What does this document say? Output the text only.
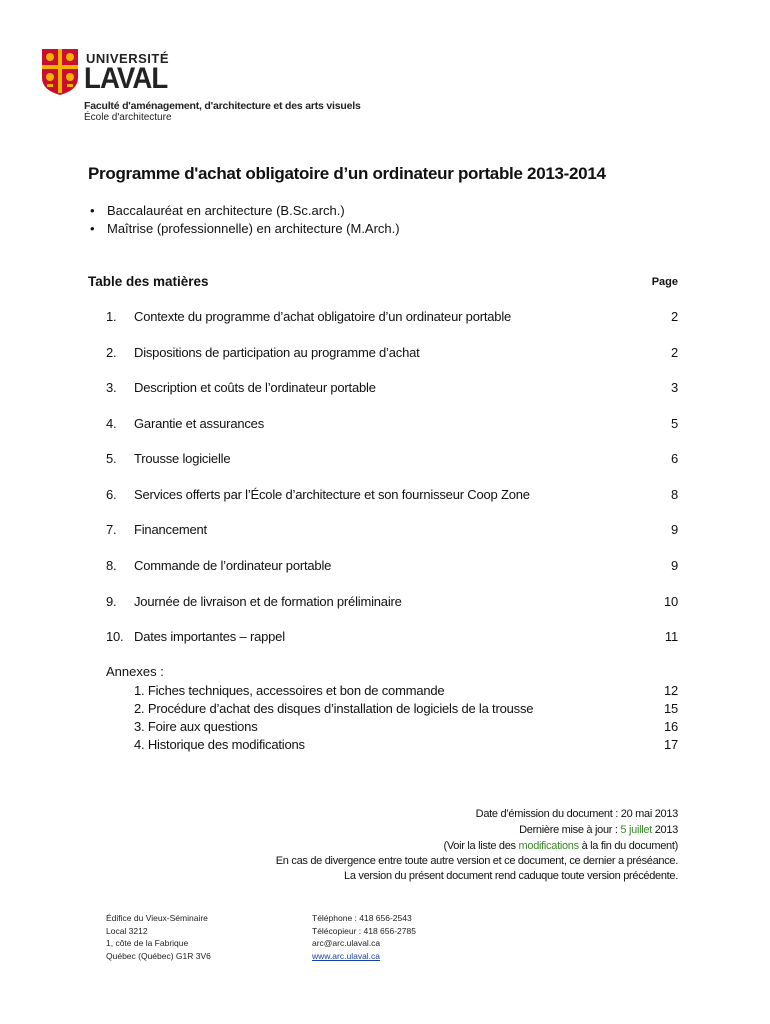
UNIVERSITÉ
LAVAL
Faculté d'aménagement, d'architecture et des arts visuels
École d'architecture
Programme d'achat obligatoire d’un ordinateur portable 2013-2014
• Baccalauréat en architecture (B.Sc.arch.)
• Maîtrise (professionnelle) en architecture (M.Arch.)
Table des matières	Page
1. Contexte du programme d’achat obligatoire d’un ordinateur portable	2
2. Dispositions de participation au programme d’achat	2
3. Description et coûts de l’ordinateur portable	3
4. Garantie et assurances	5
5. Trousse logicielle	6
6. Services offerts par l’École d’architecture et son fournisseur Coop Zone	8
7. Financement	9
8. Commande de l’ordinateur portable	9
9. Journée de livraison et de formation préliminaire	10
10. Dates importantes – rappel	11
Annexes :
1. Fiches techniques, accessoires et bon de commande	12
2. Procédure d’achat des disques d’installation de logiciels de la trousse	15
3. Foire aux questions	16
4. Historique des modifications	17
Date d’émission du document : 20 mai 2013
Dernière mise à jour : 5 juillet 2013
(Voir la liste des modifications à la fin du document)
En cas de divergence entre toute autre version et ce document, ce dernier a préséance.
La version du présent document rend caduque toute version précédente.
Édifice du Vieux-Séminaire
Local 3212
1, côte de la Fabrique
Québec (Québec) G1R 3V6
Téléphone : 418 656-2543
Télécopieur : 418 656-2785
arc@arc.ulaval.ca
www.arc.ulaval.ca
